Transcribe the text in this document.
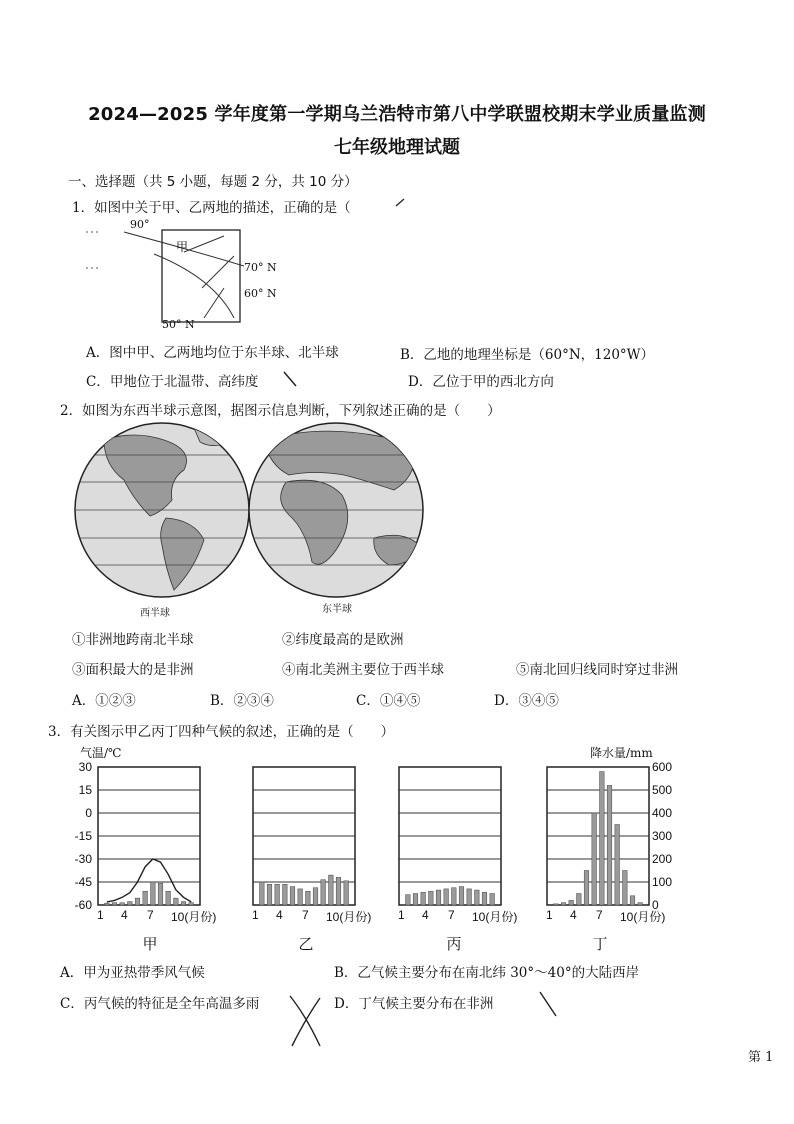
2024—2025 学年度第一学期乌兰浩特市第八中学联盟校期末学业质量监测
七年级地理试题
一、选择题（共 5 小题，每题 2 分，共 10 分）
1．如图中关于甲、乙两地的描述，正确的是（
90°
甲
70° N
60° N
50° N
A．图中甲、乙两地均位于东半球、北半球	B．乙地的地理坐标是（60°N，120°W）
C．甲地位于北温带、高纬度	D．乙位于甲的西北方向
2．如图为东西半球示意图，据图示信息判断，下列叙述正确的是（　　）
西半球	东半球
①非洲地跨南北半球	②纬度最高的是欧洲
③面积最大的是非洲	④南北美洲主要位于西半球	⑤南北回归线同时穿过非洲
A．①②③	B．②③④	C．①④⑤	D．③④⑤
3．有关图示甲乙丙丁四种气候的叙述，正确的是（　　）
气温/℃	降水量/mm
30
15
0
-15
-30
-45
-60
600
500
400
300
200
100
0
1 4 7 10(月份)	1 4 7 10(月份) 1 4 7 10(月份) 1 4 7 10(月份)
甲	乙	丙	丁
A．甲为亚热带季风气候	B．乙气候主要分布在南北纬 30°～40°的大陆西岸
C．丙气候的特征是全年高温多雨	D．丁气候主要分布在非洲
第 1
